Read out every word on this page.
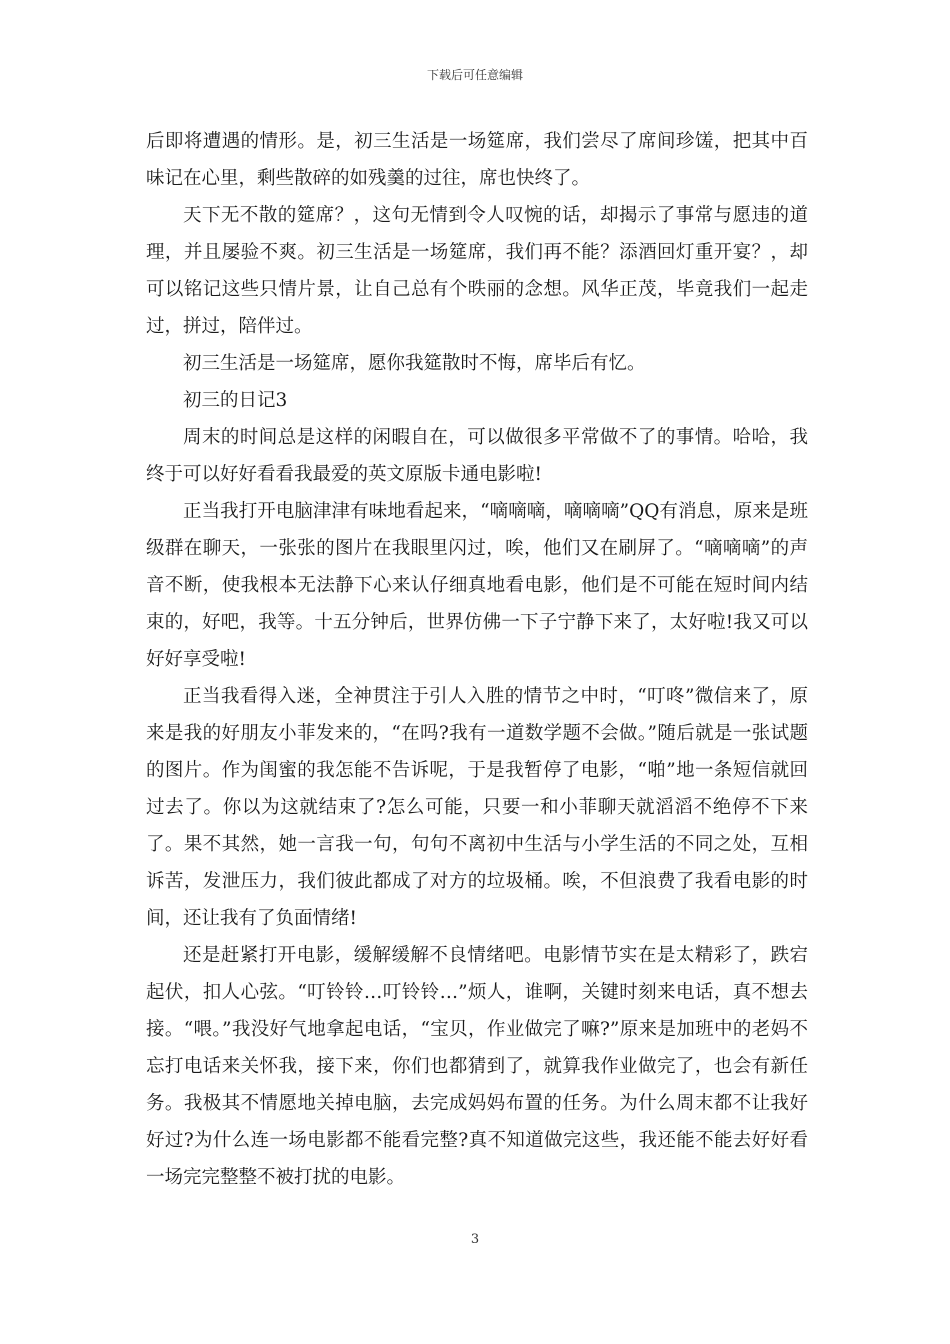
下载后可任意编辑

后即将遭遇的情形。是，初三生活是一场筵席，我们尝尽了席间珍馐，把其中百味记在心里，剩些散碎的如残羹的过往，席也快终了。

天下无不散的筵席？，这句无情到令人叹惋的话，却揭示了事常与愿违的道理，并且屡验不爽。初三生活是一场筵席，我们再不能？添酒回灯重开宴？，却可以铭记这些只情片景，让自己总有个昳丽的念想。风华正茂，毕竟我们一起走过，拼过，陪伴过。

初三生活是一场筵席，愿你我筵散时不悔，席毕后有忆。

初三的日记3

周末的时间总是这样的闲暇自在，可以做很多平常做不了的事情。哈哈，我终于可以好好看看我最爱的英文原版卡通电影啦!

正当我打开电脑津津有味地看起来，“嘀嘀嘀，嘀嘀嘀”QQ有消息，原来是班级群在聊天，一张张的图片在我眼里闪过，唉，他们又在刷屏了。“嘀嘀嘀”的声音不断，使我根本无法静下心来认仔细真地看电影，他们是不可能在短时间内结束的，好吧，我等。十五分钟后，世界仿佛一下子宁静下来了，太好啦!我又可以好好享受啦!

正当我看得入迷，全神贯注于引人入胜的情节之中时，“叮咚”微信来了，原来是我的好朋友小菲发来的，“在吗?我有一道数学题不会做。”随后就是一张试题的图片。作为闺蜜的我怎能不告诉呢，于是我暂停了电影，“啪”地一条短信就回过去了。你以为这就结束了?怎么可能，只要一和小菲聊天就滔滔不绝停不下来了。果不其然，她一言我一句，句句不离初中生活与小学生活的不同之处，互相诉苦，发泄压力，我们彼此都成了对方的垃圾桶。唉，不但浪费了我看电影的时间，还让我有了负面情绪!

还是赶紧打开电影，缓解缓解不良情绪吧。电影情节实在是太精彩了，跌宕起伏，扣人心弦。“叮铃铃…叮铃铃…”烦人，谁啊，关键时刻来电话，真不想去接。“喂。”我没好气地拿起电话，“宝贝，作业做完了嘛?”原来是加班中的老妈不忘打电话来关怀我，接下来，你们也都猜到了，就算我作业做完了，也会有新任务。我极其不情愿地关掉电脑，去完成妈妈布置的任务。为什么周末都不让我好好过?为什么连一场电影都不能看完整?真不知道做完这些，我还能不能去好好看一场完完整整不被打扰的电影。

3
